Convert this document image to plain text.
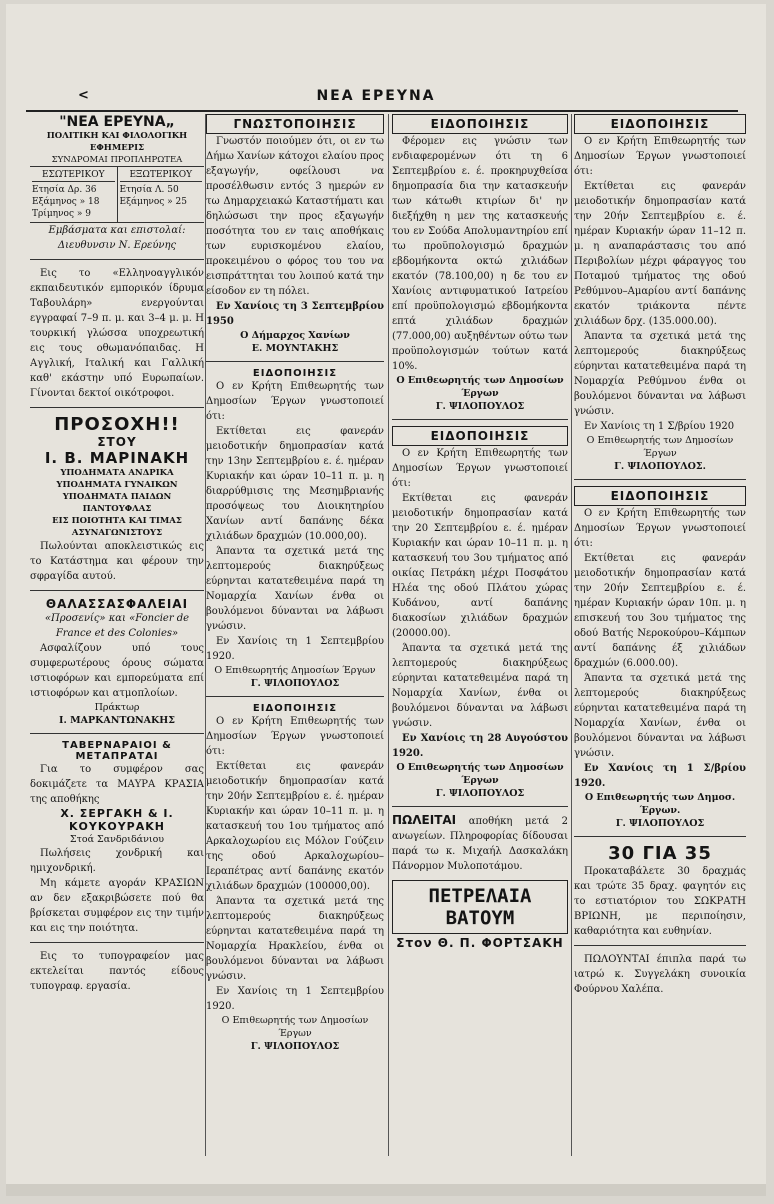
<	ΝΕΑ ΕΡΕΥΝΑ
"ΝΕΑ ΕΡΕΥΝΑ„

ΠΟΛΙΤΙΚΗ ΚΑΙ ΦΙΛΟΛΟΓΙΚΗ ΕΦΗΜΕΡΙΣ

ΣΥΝΔΡΟΜΑΙ ΠΡΟΠΛΗΡΩΤΕΑ

ΕΣΩΤΕΡΙΚΟΥ
Ετησία Δρ. 36
Εξάμηνος » 18
Τρίμηνος » 9
ΕΞΩΤΕΡΙΚΟΥ
Ετησία Λ. 50
Εξάμηνος » 25

Εμβάσματα και επιστολαί:

Διευθυνσιν Ν. Ερεύνης

Εις το «Ελληνοαγγλικόν εκπαιδευτικόν εμπορικόν ίδρυμα Ταβουλάρη» ενεργούνται εγγραφαί 7–9 π. μ. και 3–4 μ. μ. Η τουρκική γλώσσα υποχρεωτική εις τους οθωμανόπαιδας. Η Αγγλική, Ιταλική και Γαλλική καθ' εκάστην υπό Ευρωπαίων. Γίνονται δεκτοί οικότροφοι.

ΠΡΟΣΟΧΗ!!
ΣΤΟΥ
Ι. Β. ΜΑΡΙΝΑΚΗ

ΥΠΟΔΗΜΑΤΑ ΑΝΔΡΙΚΑ

ΥΠΟΔΗΜΑΤΑ ΓΥΝΑΙΚΩΝ

ΥΠΟΔΗΜΑΤΑ ΠΑΙΔΩΝ

ΠΑΝΤΟΥΦΛΑΣ

ΕΙΣ ΠΟΙΟΤΗΤΑ ΚΑΙ ΤΙΜΑΣ

ΑΣΥΝΑΓΩΝΙΣΤΟΥΣ

Πωλούνται αποκλειστικώς εις το Κατάστημα και φέρουν την σφραγίδα αυτού.

ΘΑΛΑΣΣΑΣΦΑΛΕΙΑΙ

«Προσενίς» και «Foncier de France et des Colonies»

Ασφαλίζουν υπό τους συμφερωτέρους όρους σώματα ιστιοφόρων και εμπορεύματα επί ιστιοφόρων και ατμοπλοίων.

Πράκτωρ

Ι. ΜΑΡΚΑΝΤΩΝΑΚΗΣ

ΤΑΒΕΡΝΑΡΑΙΟΙ & ΜΕΤΑΠΡΑΤΑΙ

Για το συμφέρον σας δοκιμάζετε τα ΜΑΥΡΑ ΚΡΑΣΙΑ της αποθήκης

Χ. ΣΕΡΓΑΚΗ & Ι. ΚΟΥΚΟΥΡΑΚΗ

Στοά Σανδριδάνιου

Πωλήσεις χονδρική και ημιχονδρική.

Μη κάμετε αγοράν ΚΡΑΣΙΩΝ αν δεν εξακριβώσετε πού θα βρίσκεται συμφέρον εις την τιμήν και εις την ποιότητα.

Εις το τυπογραφείον μας εκτελείται παντός είδους τυπογραφ. εργασία.

ΓΝΩΣΤΟΠΟΙΗΣΙΣ

Γνωστόν ποιούμεν ότι, οι εν τω Δήμω Χανίων κάτοχοι ελαίου προς εξαγωγήν, οφείλουσι να προσέλθωσιν εντός 3 ημερών εν τω Δημαρχειακώ Καταστήματι και δηλώσωσι την προς εξαγωγήν ποσότητα του εν ταις αποθήκαις των ευρισκομένου ελαίου, προκειμένου ο φόρος του του να εισπράττηται του λοιπού κατά την είσοδον εν τη πόλει.

Εν Χανίοις τη 3 Σεπτεμβρίου 1950

Ο Δήμαρχος Χανίων

Ε. ΜΟΥΝΤΑΚΗΣ

ΕΙΔΟΠΟΙΗΣΙΣ

Ο εν Κρήτη Επιθεωρητής των Δημοσίων Έργων γνωστοποιεί ότι:

Εκτίθεται εις φανεράν μειοδοτικήν δημοπρασίαν κατά την 13ην Σεπτεμβρίου ε. έ. ημέραν Κυριακήν και ώραν 10–11 π. μ. η διαρρύθμισις της Μεσημβριανής προσόψεως του Διοικητηρίου Χανίων αντί δαπάνης δέκα χιλιάδων δραχμών (10.000,00).

Άπαντα τα σχετικά μετά της λεπτομερούς διακηρύξεως εύρηνται κατατεθειμένα παρά τη Νομαρχία Χανίων ένθα οι βουλόμενοι δύνανται να λάβωσι γνώσιν.

Εν Χανίοις τη 1 Σεπτεμβρίου 1920.

Ο Επιθεωρητής Δημοσίων Έργων

Γ. ΨΙΛΟΠΟΥΛΟΣ

ΕΙΔΟΠΟΙΗΣΙΣ

Ο εν Κρήτη Επιθεωρητής των Δημοσίων Έργων γνωστοποιεί ότι:

Εκτίθεται εις φανεράν μειοδοτικήν δημοπρασίαν κατά την 20ήν Σεπτεμβρίου ε. έ. ημέραν Κυριακήν και ώραν 10–11 π. μ. η κατασκευή του 1ου τμήματος από Αρκαλοχωρίου εις Μόλον Γούζειν της οδού Αρκαλοχωρίου–Ιεραπέτρας αντί δαπάνης εκατόν χιλιάδων δραχμών (100000,00).

Άπαντα τα σχετικά μετά της λεπτομερούς διακηρύξεως εύρηνται κατατεθειμένα παρά τη Νομαρχία Ηρακλείου, ένθα οι βουλόμενοι δύνανται να λάβωσι γνώσιν.

Εν Χανίοις τη 1 Σεπτεμβρίου 1920.

Ο Επιθεωρητής των Δημοσίων Έργων

Γ. ΨΙΛΟΠΟΥΛΟΣ

ΕΙΔΟΠΟΙΗΣΙΣ

Φέρομεν εις γνώσιν των ενδιαφερομένων ότι τη 6 Σεπτεμβρίου ε. έ. προκηρυχθείσα δημοπρασία δια την κατασκευήν των κάτωθι κτιρίων δι' ην διεξήχθη η μεν της κατασκευής του εν Σούδα Απολυμαντηρίου επί τω προϋπολογισμώ δραχμών εβδομήκοντα οκτώ χιλιάδων εκατόν (78.100,00) η δε του εν Χανίοις αντιφυματικού Ιατρείου επί προϋπολογισμώ εβδομήκοντα επτά χιλιάδων δραχμών (77.000,00) αυξηθέντων ούτω των προϋπολογισμών τούτων κατά 10%.

Ο Επιθεωρητής των Δημοσίων Έργων

Γ. ΨΙΛΟΠΟΥΛΟΣ

ΕΙΔΟΠΟΙΗΣΙΣ

Ο εν Κρήτη Επιθεωρητής των Δημοσίων Έργων γνωστοποιεί ότι:

Εκτίθεται εις φανεράν μειοδοτικήν δημοπρασίαν κατά την 20 Σεπτεμβρίου ε. έ. ημέραν Κυριακήν και ώραν 10–11 π. μ. η κατασκευή του 3ου τμήματος από οικίας Πετράκη μέχρι Ποσφάτου Ηλέα της οδού Πλάτου χώρας Κυδάνου, αντί δαπάνης διακοσίων χιλιάδων δραχμών (20000.00).

Άπαντα τα σχετικά μετά της λεπτομερούς διακηρύξεως εύρηνται κατατεθειμένα παρά τη Νομαρχία Χανίων, ένθα οι βουλόμενοι δύνανται να λάβωσι γνώσιν.

Εν Χανίοις τη 28 Αυγούστου 1920.

Ο Επιθεωρητής των Δημοσίων Έργων

Γ. ΨΙΛΟΠΟΥΛΟΣ

ΠΩΛΕΙΤΑΙ αποθήκη μετά 2 ανωγείων. Πληροφορίας δίδουσαι παρά τω κ. Μιχαήλ Δασκαλάκη Πάνορμον Μυλοποτάμου.

ΠΕΤΡΕΛΑΙΑ ΒΑΤΟΥΜ
Στον Θ. Π. ΦΟΡΤΣΑΚΗ
ΕΙΔΟΠΟΙΗΣΙΣ

Ο εν Κρήτη Επιθεωρητής των Δημοσίων Έργων γνωστοποιεί ότι:

Εκτίθεται εις φανεράν μειοδοτικήν δημοπρασίαν κατά την 20ήν Σεπτεμβρίου ε. έ. ημέραν Κυριακήν ώραν 11–12 π. μ. η αναπαράστασις του από Περιβολίων μέχρι φάραγγος του Ποταμού τμήματος της οδού Ρεθύμνου–Αμαρίου αντί δαπάνης εκατόν τριάκοντα πέντε χιλιάδων δρχ. (135.000.00).

Άπαντα τα σχετικά μετά της λεπτομερούς διακηρύξεως εύρηνται κατατεθειμένα παρά τη Νομαρχία Ρεθύμνου ένθα οι βουλόμενοι δύνανται να λάβωσι γνώσιν.

Εν Χανίοις τη 1 Σ/βρίου 1920

Ο Επιθεωρητής των Δημοσίων Έργων

Γ. ΨΙΛΟΠΟΥΛΟΣ.

ΕΙΔΟΠΟΙΗΣΙΣ

Ο εν Κρήτη Επιθεωρητής των Δημοσίων Έργων γνωστοποιεί ότι:

Εκτίθεται εις φανεράν μειοδοτικήν δημοπρασίαν κατά την 20ήν Σεπτεμβρίου ε. έ. ημέραν Κυριακήν ώραν 10π. μ. η επισκευή του 3ου τμήματος της οδού Βατής Νεροκούρου–Κάμπων αντί δαπάνης έξ χιλιάδων δραχμών (6.000.00).

Άπαντα τα σχετικά μετά της λεπτομερούς διακηρύξεως εύρηνται κατατεθειμένα παρά τη Νομαρχία Χανίων, ένθα οι βουλόμενοι δύνανται να λάβωσι γνώσιν.

Εν Χανίοις τη 1 Σ/βρίου 1920.

Ο Επιθεωρητής των Δημοσ. Έργων.

Γ. ΨΙΛΟΠΟΥΛΟΣ

30 ΓΙΑ 35

Προκαταβάλετε 30 δραχμάς και τρώτε 35 δραχ. φαγητόν εις το εστιατόριον του ΣΩΚΡΑΤΗ ΒΡΙΩΝΗ, με περιποίησιν, καθαριότητα και ευθηνίαν.

ΠΩΛΟΥΝΤΑΙ έπιπλα παρά τω ιατρώ κ. Συγγελάκη συνοικία Φούρνου Χαλέπα.
